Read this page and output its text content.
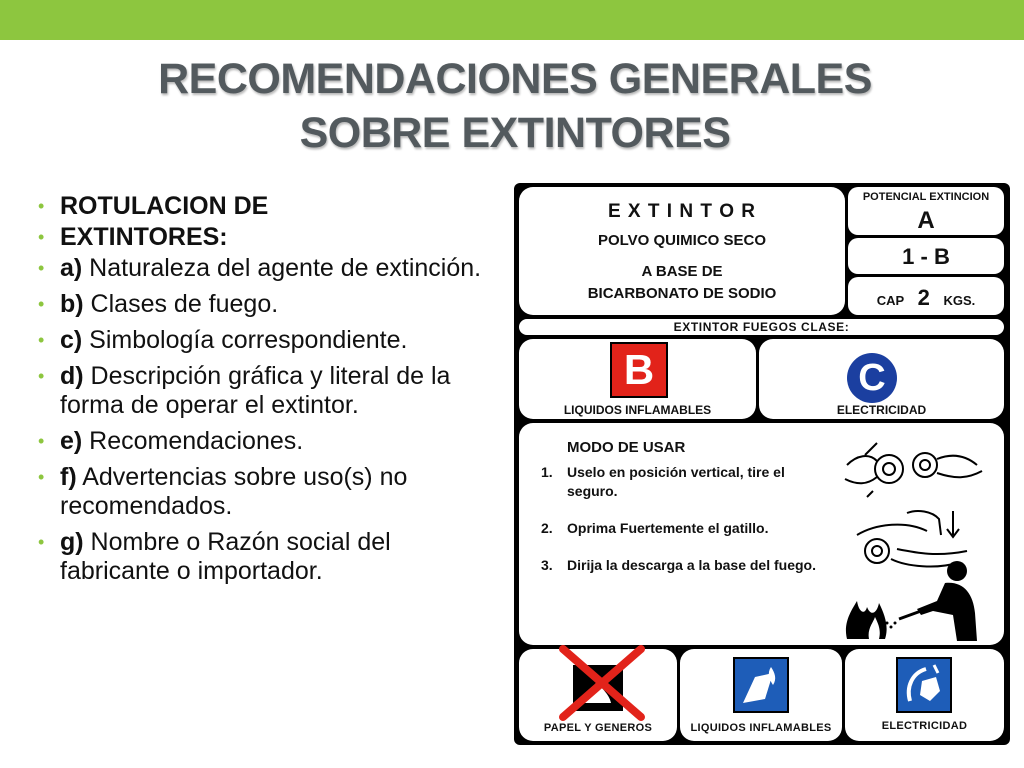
RECOMENDACIONES GENERALES
SOBRE EXTINTORES
• ROTULACION DE
• EXTINTORES:
• a) Naturaleza del agente de extinción.
• b) Clases de fuego.
• c) Simbología correspondiente.
• d) Descripción gráfica y literal de la forma de operar el extintor.
• e) Recomendaciones.
• f) Advertencias sobre uso(s) no recomendados.
• g) Nombre o Razón social del fabricante o importador.
E X T I N T O R
POLVO QUIMICO SECO
A BASE DE
BICARBONATO DE SODIO
POTENCIAL EXTINCION
A
1 - B
CAP 2 KGS.
EXTINTOR FUEGOS CLASE:
B
LIQUIDOS INFLAMABLES
C
ELECTRICIDAD
MODO DE USAR
1.	Uselo en posición vertical, tire el seguro.
2.	Oprima Fuertemente el gatillo.
3.	Dirija la descarga a la base del fuego.
PAPEL Y GENEROS	LIQUIDOS INFLAMABLES	ELECTRICIDAD
